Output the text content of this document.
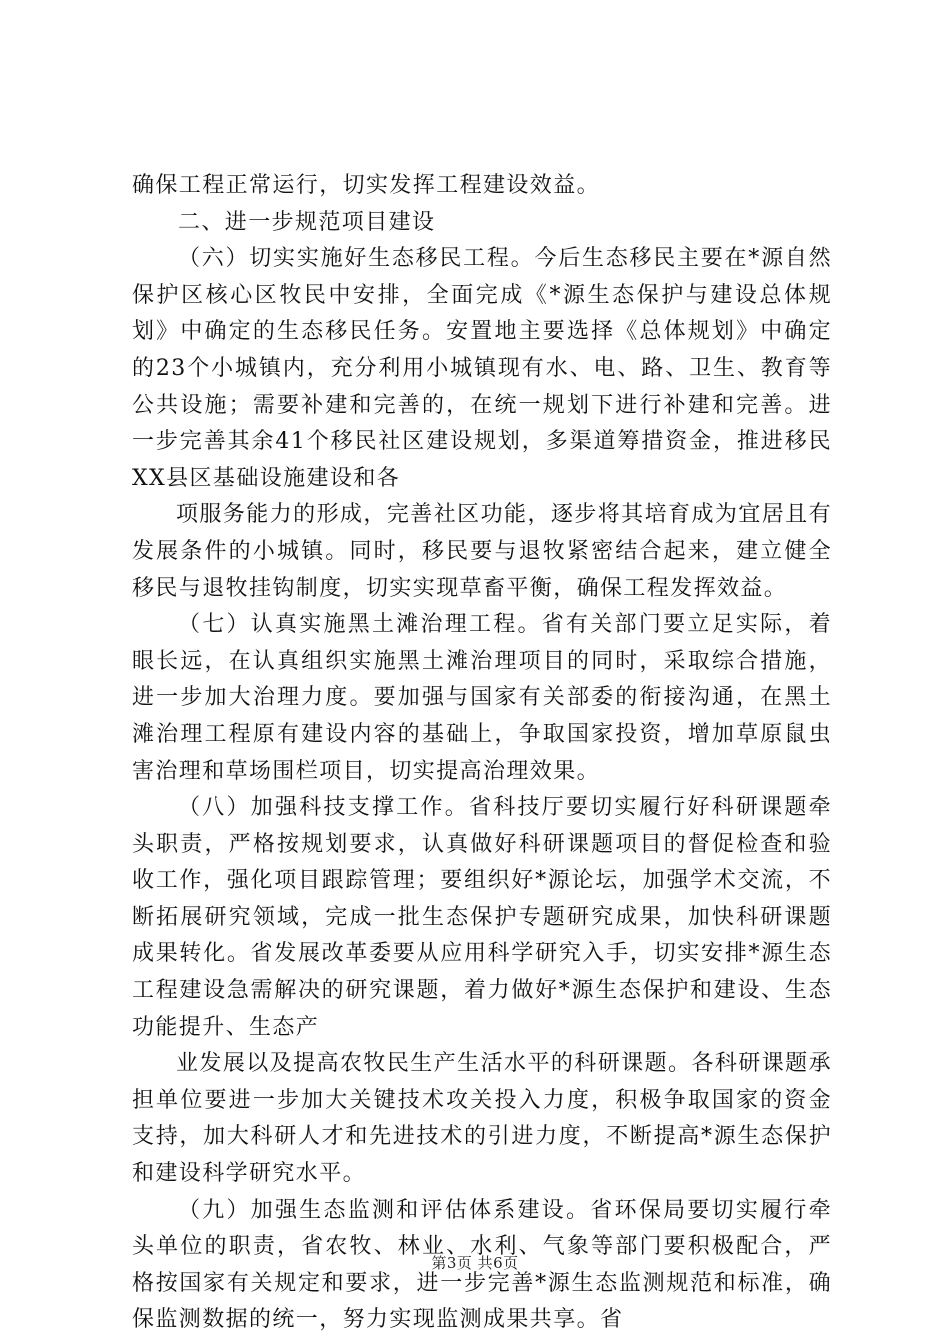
确保工程正常运行，切实发挥工程建设效益。

二、进一步规范项目建设

（六）切实实施好生态移民工程。今后生态移民主要在*源自然保护区核心区牧民中安排，全面完成《*源生态保护与建设总体规划》中确定的生态移民任务。安置地主要选择《总体规划》中确定的23个小城镇内，充分利用小城镇现有水、电、路、卫生、教育等公共设施；需要补建和完善的，在统一规划下进行补建和完善。进一步完善其余41个移民社区建设规划，多渠道筹措资金，推进移民XX县区基础设施建设和各

项服务能力的形成，完善社区功能，逐步将其培育成为宜居且有发展条件的小城镇。同时，移民要与退牧紧密结合起来，建立健全移民与退牧挂钩制度，切实实现草畜平衡，确保工程发挥效益。

（七）认真实施黑土滩治理工程。省有关部门要立足实际，着眼长远，在认真组织实施黑土滩治理项目的同时，采取综合措施，进一步加大治理力度。要加强与国家有关部委的衔接沟通，在黑土滩治理工程原有建设内容的基础上，争取国家投资，增加草原鼠虫害治理和草场围栏项目，切实提高治理效果。

（八）加强科技支撑工作。省科技厅要切实履行好科研课题牵头职责，严格按规划要求，认真做好科研课题项目的督促检查和验收工作，强化项目跟踪管理；要组织好*源论坛，加强学术交流，不断拓展研究领域，完成一批生态保护专题研究成果，加快科研课题成果转化。省发展改革委要从应用科学研究入手，切实安排*源生态工程建设急需解决的研究课题，着力做好*源生态保护和建设、生态功能提升、生态产

业发展以及提高农牧民生产生活水平的科研课题。各科研课题承担单位要进一步加大关键技术攻关投入力度，积极争取国家的资金支持，加大科研人才和先进技术的引进力度，不断提高*源生态保护和建设科学研究水平。

（九）加强生态监测和评估体系建设。省环保局要切实履行牵头单位的职责，省农牧、林业、水利、气象等部门要积极配合，严格按国家有关规定和要求，进一步完善*源生态监测规范和标准，确保监测数据的统一，努力实现监测成果共享。省

第3页 共6页
